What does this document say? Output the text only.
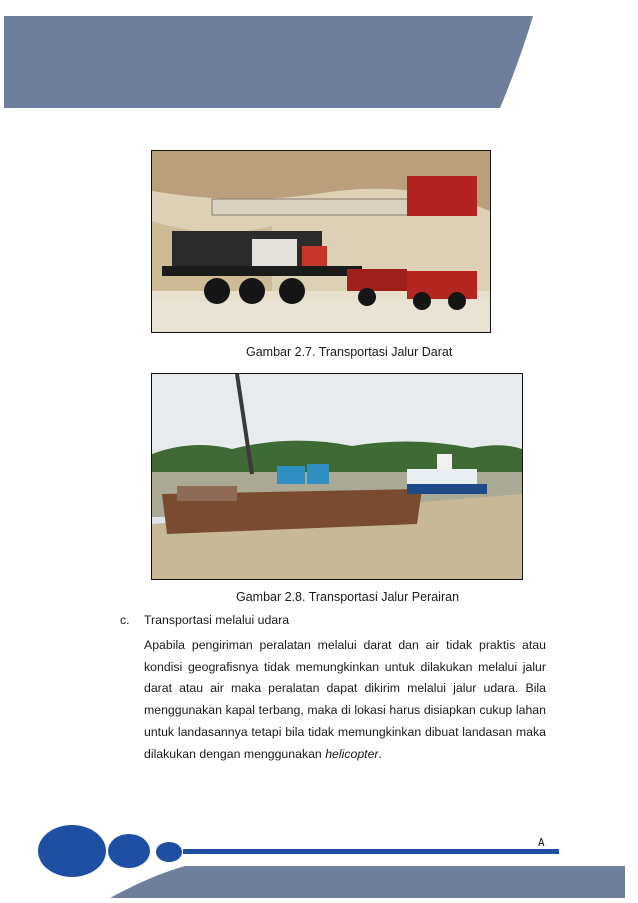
Gambar 2.7. Transportasi Jalur Darat
Gambar 2.8. Transportasi Jalur Perairan
c. Transportasi melalui udara

Apabila pengiriman peralatan melalui darat dan air tidak praktis atau kondisi geografisnya tidak memungkinkan untuk dilakukan melalui jalur darat atau air maka peralatan dapat dikirim melalui jalur udara. Bila menggunakan kapal terbang, maka di lokasi harus disiapkan cukup lahan untuk landasannya tetapi bila tidak memungkinkan dibuat landasan maka dilakukan dengan menggunakan helicopter.

A
